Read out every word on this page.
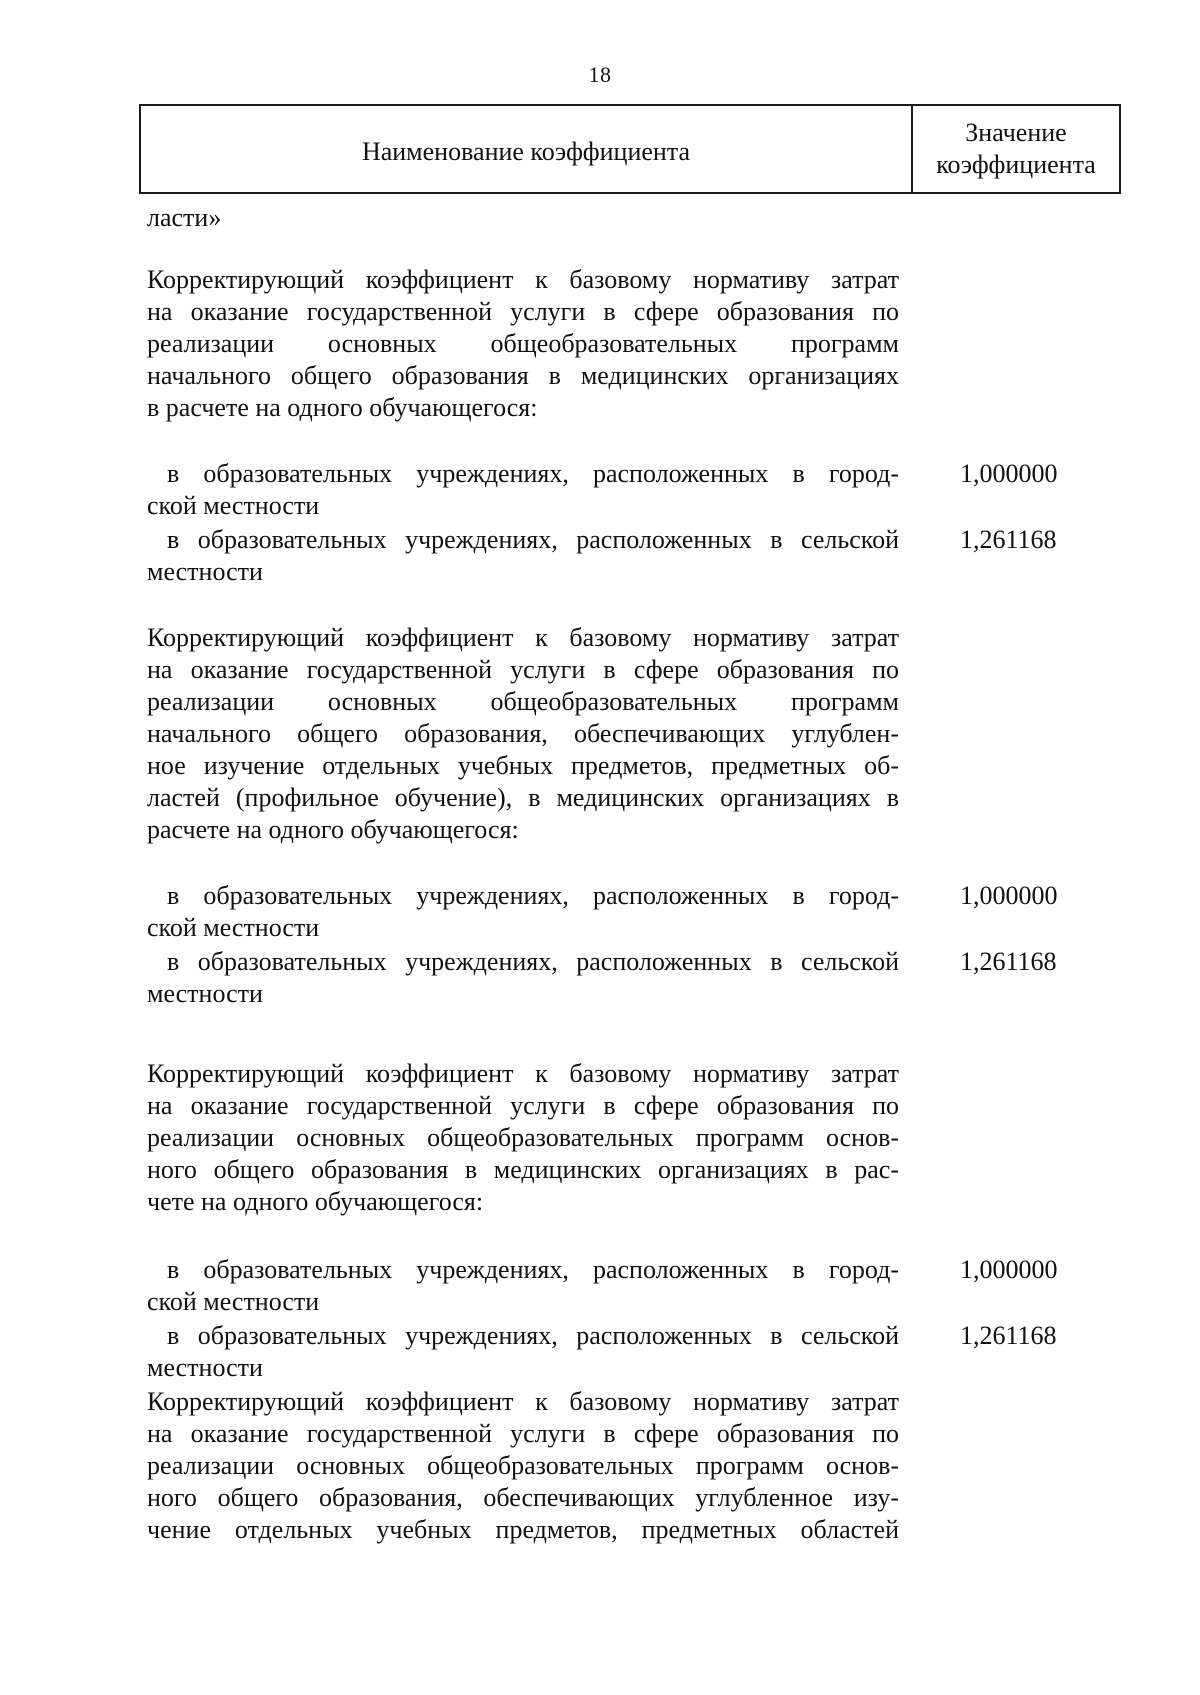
18
Наименование коэффициента
Значение
коэффициента
ласти»
Корректирующий коэффициент к базовому нормативу затрат
на оказание государственной услуги в сфере образования по
реализации основных общеобразовательных программ
начального общего образования в медицинских организациях
в расчете на одного обучающегося:
в образовательных учреждениях, расположенных в город-
ской местности
1,000000
в образовательных учреждениях, расположенных в сельской
местности
1,261168
Корректирующий коэффициент к базовому нормативу затрат
на оказание государственной услуги в сфере образования по
реализации основных общеобразовательных программ
начального общего образования, обеспечивающих углублен-
ное изучение отдельных учебных предметов, предметных об-
ластей (профильное обучение), в медицинских организациях в
расчете на одного обучающегося:
в образовательных учреждениях, расположенных в город-
ской местности
1,000000
в образовательных учреждениях, расположенных в сельской
местности
1,261168
Корректирующий коэффициент к базовому нормативу затрат
на оказание государственной услуги в сфере образования по
реализации основных общеобразовательных программ основ-
ного общего образования в медицинских организациях в рас-
чете на одного обучающегося:
в образовательных учреждениях, расположенных в город-
ской местности
1,000000
в образовательных учреждениях, расположенных в сельской
местности
1,261168
Корректирующий коэффициент к базовому нормативу затрат
на оказание государственной услуги в сфере образования по
реализации основных общеобразовательных программ основ-
ного общего образования, обеспечивающих углубленное изу-
чение отдельных учебных предметов, предметных областей
